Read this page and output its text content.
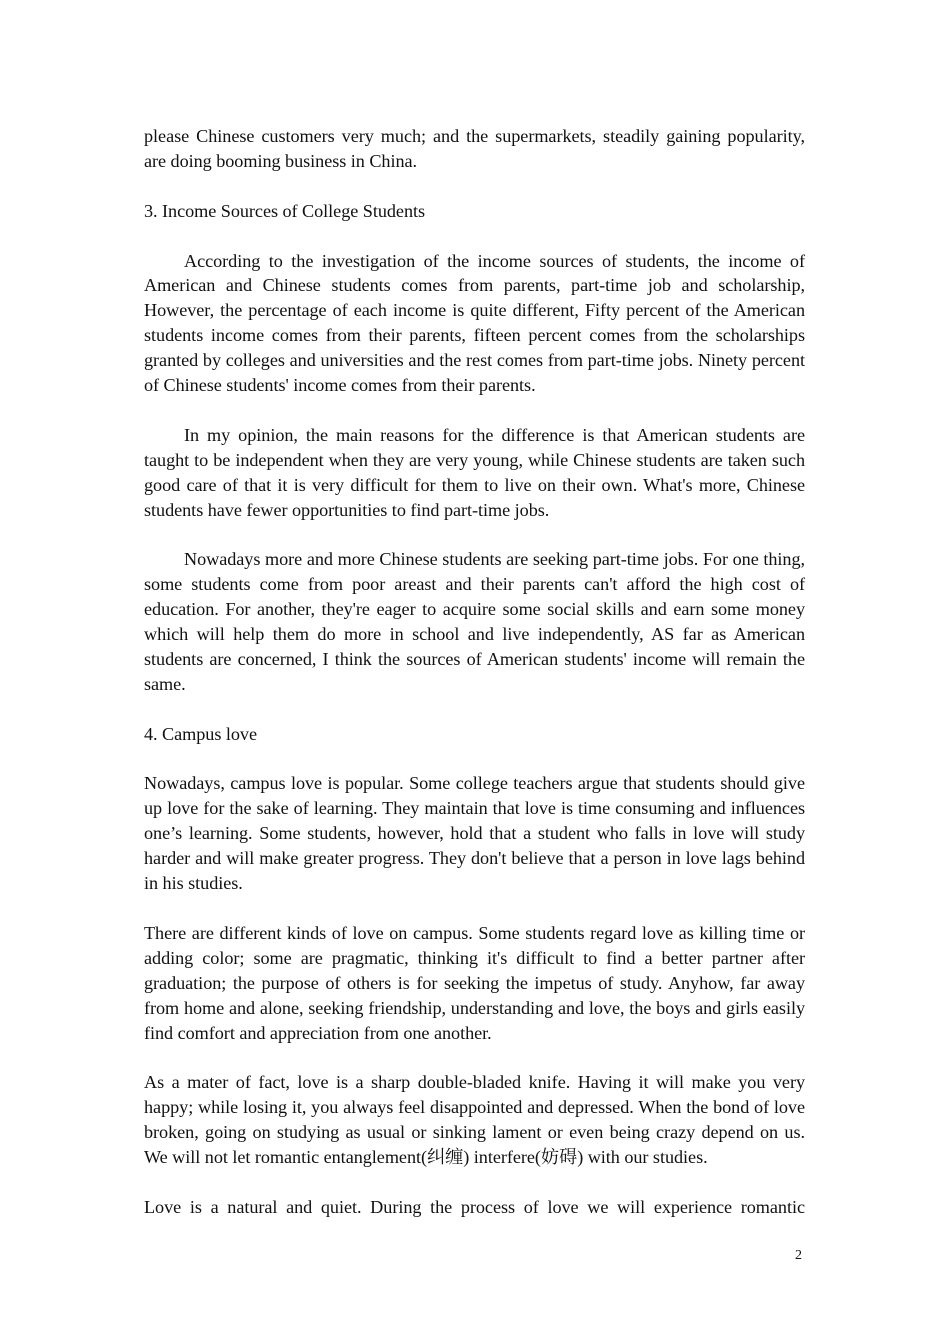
please Chinese customers very much; and the supermarkets, steadily gaining popularity, are doing booming business in China.

3. Income Sources of College Students

According to the investigation of the income sources of students, the income of American and Chinese students comes from parents, part-time job and scholarship, However, the percentage of each income is quite different, Fifty percent of the American students income comes from their parents, fifteen percent comes from the scholarships granted by colleges and universities and the rest comes from part-time jobs. Ninety percent of Chinese students' income comes from their parents.

In my opinion, the main reasons for the difference is that American students are taught to be independent when they are very young, while Chinese students are taken such good care of that it is very difficult for them to live on their own. What's more, Chinese students have fewer opportunities to find part-time jobs.

Nowadays more and more Chinese students are seeking part-time jobs. For one thing, some students come from poor areast and their parents can't afford the high cost of education. For another, they're eager to acquire some social skills and earn some money which will help them do more in school and live independently, AS far as American students are concerned, I think the sources of American students' income will remain the same.

4. Campus love

Nowadays, campus love is popular. Some college teachers argue that students should give up love for the sake of learning. They maintain that love is time consuming and influences one’s learning. Some students, however, hold that a student who falls in love will study harder and will make greater progress. They don't believe that a person in love lags behind in his studies.

There are different kinds of love on campus. Some students regard love as killing time or adding color; some are pragmatic, thinking it's difficult to find a better partner after graduation; the purpose of others is for seeking the impetus of study. Anyhow, far away from home and alone, seeking friendship, understanding and love, the boys and girls easily find comfort and appreciation from one another.

As a mater of fact, love is a sharp double-bladed knife. Having it will make you very happy; while losing it, you always feel disappointed and depressed. When the bond of love broken, going on studying as usual or sinking lament or even being crazy depend on us. We will not let romantic entanglement(纠缠) interfere(妨碍) with our studies.

Love is a natural and quiet. During the process of love we will experience romantic

2
